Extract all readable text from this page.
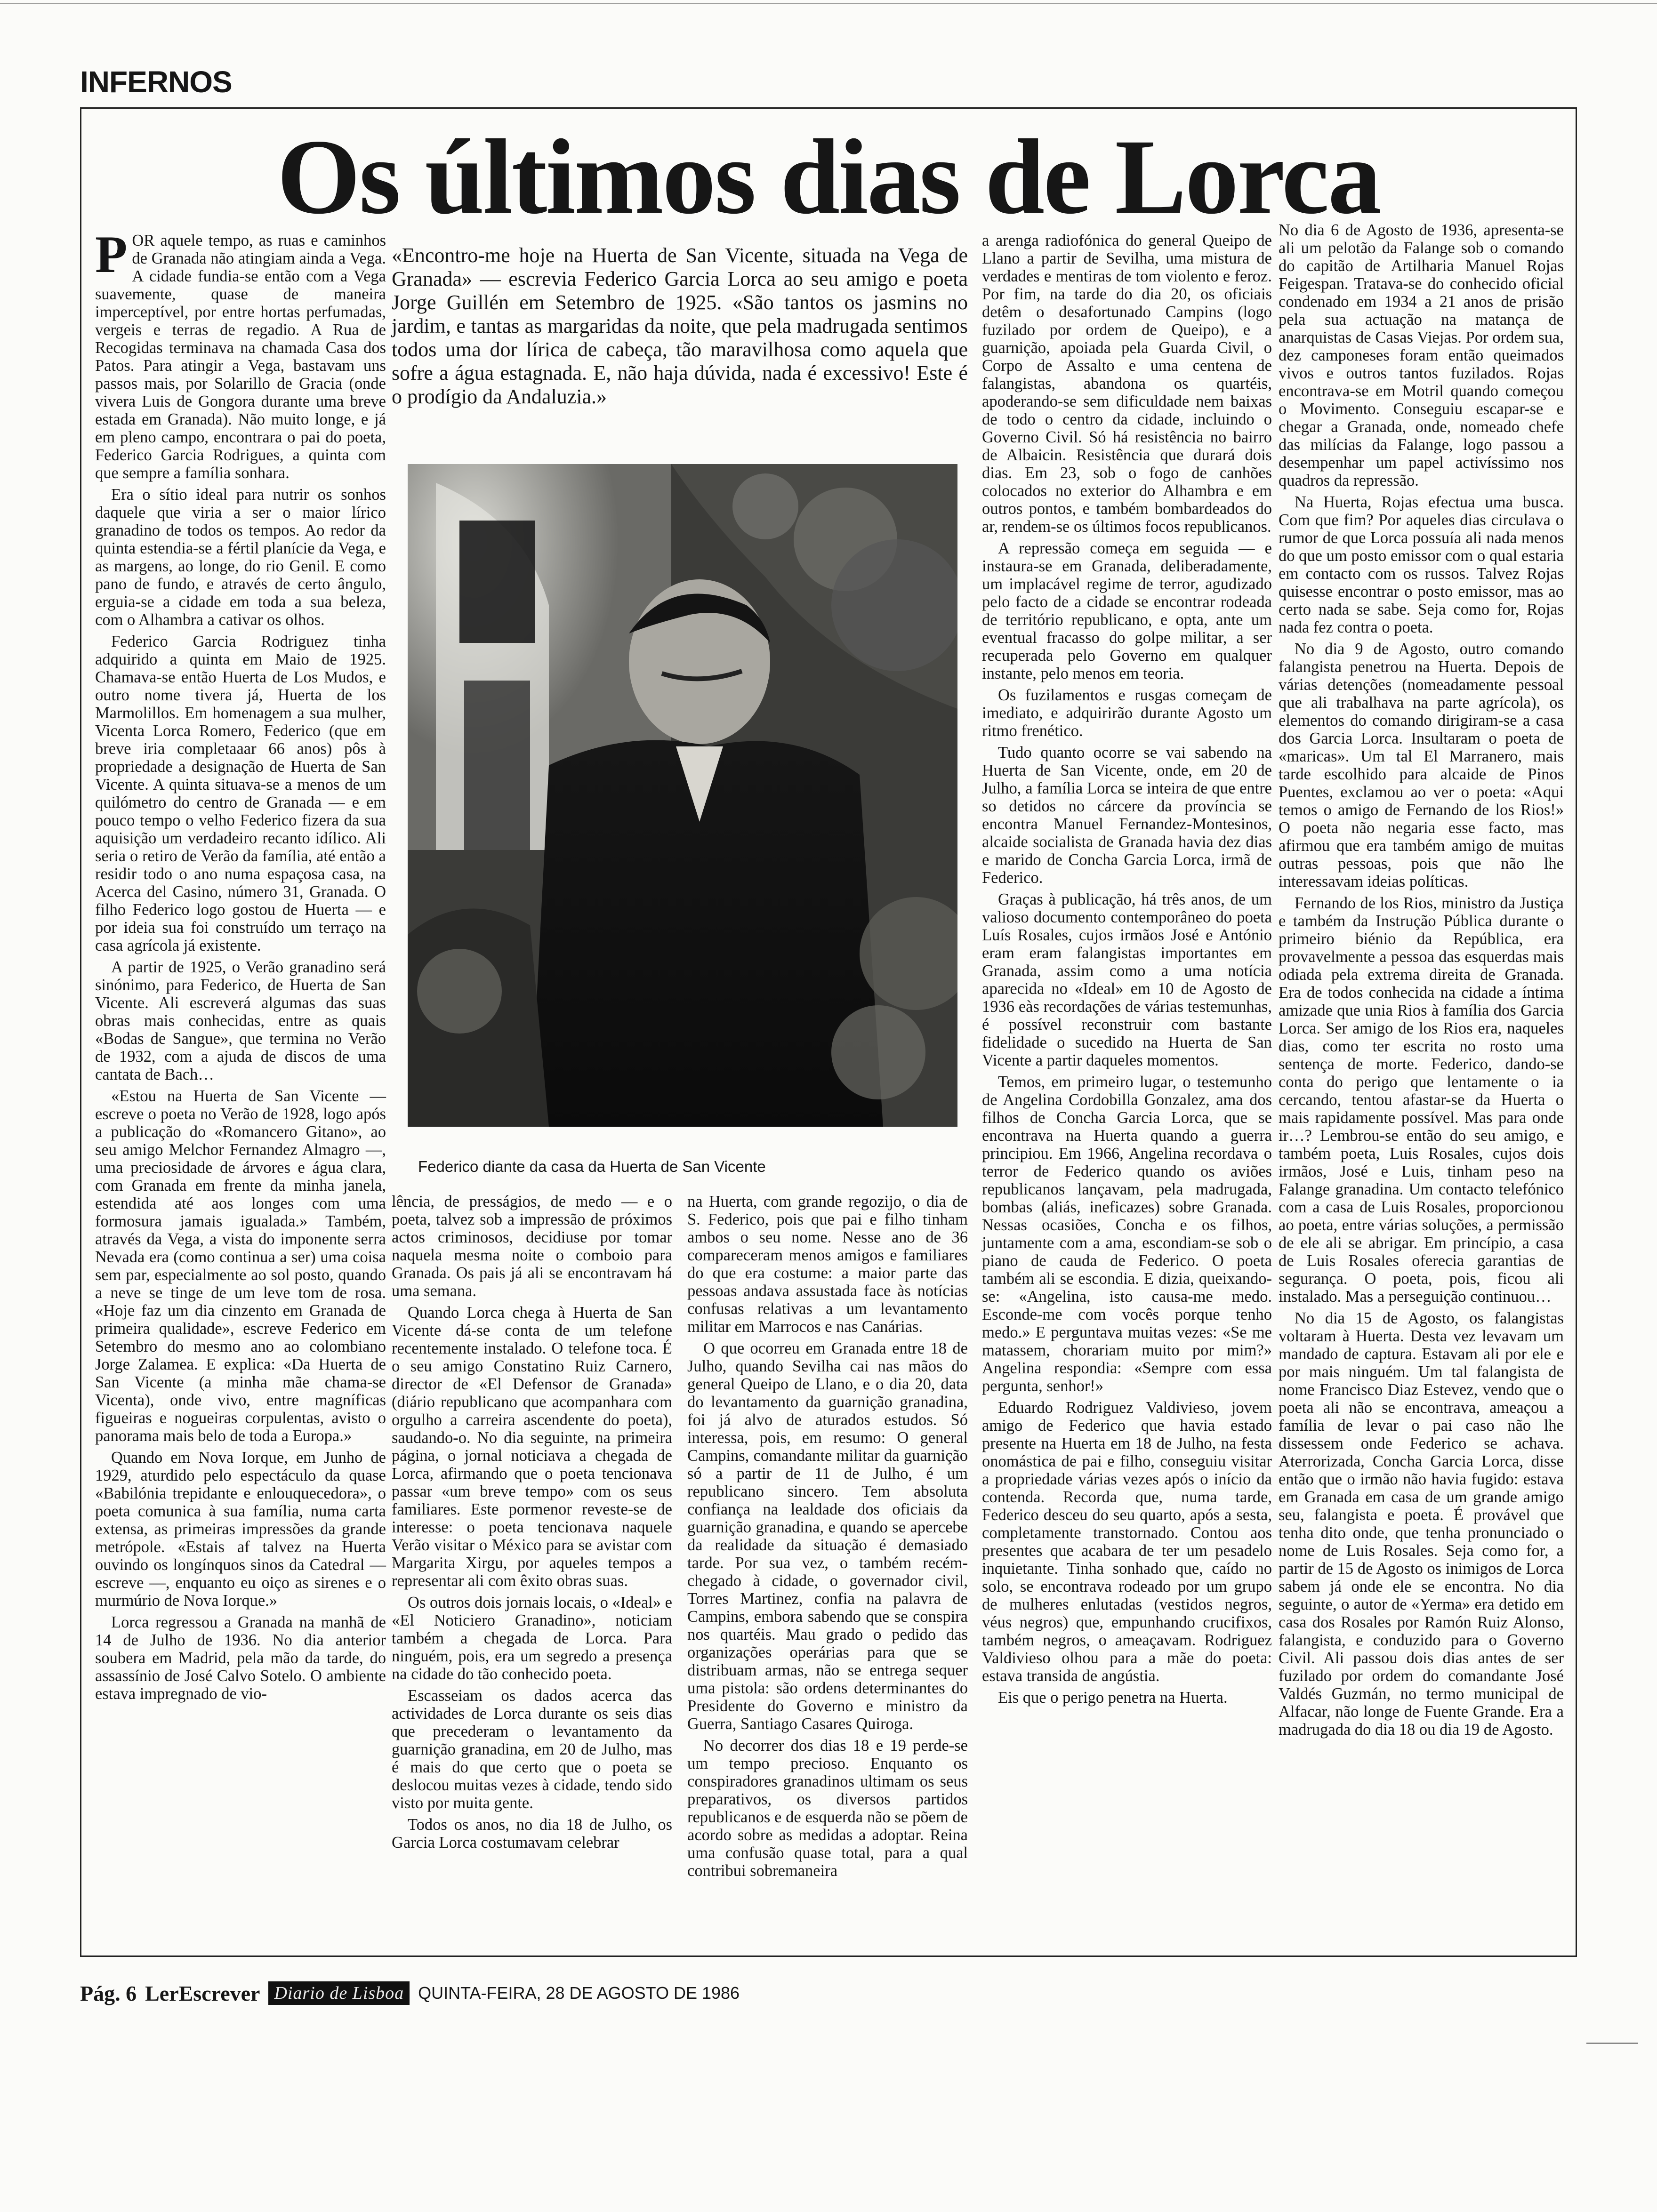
INFERNOS
Os últimos dias de Lorca

POR aquele tempo, as ruas e caminhos de Granada não atingiam ainda a Vega. A cidade fundia-se então com a Vega suavemente, quase de maneira imperceptível, por entre hortas perfumadas, vergeis e terras de regadio. A Rua de Recogidas terminava na chamada Casa dos Patos. Para atingir a Vega, bastavam uns passos mais, por Solarillo de Gracia (onde vivera Luis de Gongora durante uma breve estada em Granada). Não muito longe, e já em pleno campo, encontrara o pai do poeta, Federico Garcia Rodrigues, a quinta com que sempre a família sonhara.

Era o sítio ideal para nutrir os sonhos daquele que viria a ser o maior lírico granadino de todos os tempos. Ao redor da quinta estendia-se a fértil planície da Vega, e as margens, ao longe, do rio Genil. E como pano de fundo, e através de certo ângulo, erguia-se a cidade em toda a sua beleza, com o Alhambra a cativar os olhos.

Federico Garcia Rodriguez tinha adquirido a quinta em Maio de 1925. Chamava-se então Huerta de Los Mudos, e outro nome tivera já, Huerta de los Marmolillos. Em homenagem a sua mulher, Vicenta Lorca Romero, Federico (que em breve iria completaaar 66 anos) pôs à propriedade a designação de Huerta de San Vicente. A quinta situava-se a menos de um quilómetro do centro de Granada — e em pouco tempo o velho Federico fizera da sua aquisição um verdadeiro recanto idílico. Ali seria o retiro de Verão da família, até então a residir todo o ano numa espaçosa casa, na Acerca del Casino, número 31, Granada. O filho Federico logo gostou de Huerta — e por ideia sua foi construído um terraço na casa agrícola já existente.

A partir de 1925, o Verão granadino será sinónimo, para Federico, de Huerta de San Vicente. Ali escreverá algumas das suas obras mais conhecidas, entre as quais «Bodas de Sangue», que termina no Verão de 1932, com a ajuda de discos de uma cantata de Bach…

«Estou na Huerta de San Vicente — escreve o poeta no Verão de 1928, logo após a publicação do «Romancero Gitano», ao seu amigo Melchor Fernandez Almagro —, uma preciosidade de árvores e água clara, com Granada em frente da minha janela, estendida até aos longes com uma formosura jamais igualada.» Também, através da Vega, a vista do imponente serra Nevada era (como continua a ser) uma coisa sem par, especialmente ao sol posto, quando a neve se tinge de um leve tom de rosa. «Hoje faz um dia cinzento em Granada de primeira qualidade», escreve Federico em Setembro do mesmo ano ao colombiano Jorge Zalamea. E explica: «Da Huerta de San Vicente (a minha mãe chama-se Vicenta), onde vivo, entre magníficas figueiras e nogueiras corpulentas, avisto o panorama mais belo de toda a Europa.»

Quando em Nova Iorque, em Junho de 1929, aturdido pelo espectáculo da quase «Babilónia trepidante e enlouquecedora», o poeta comunica à sua família, numa carta extensa, as primeiras impressões da grande metrópole. «Estais af talvez na Huerta ouvindo os longínquos sinos da Catedral — escreve —, enquanto eu oiço as sirenes e o murmúrio de Nova Iorque.»

Lorca regressou a Granada na manhã de 14 de Julho de 1936. No dia anterior soubera em Madrid, pela mão da tarde, do assassínio de José Calvo Sotelo. O ambiente estava impregnado de vio-

«Encontro-me hoje na Huerta de San Vicente, situada na Vega de Granada» — escrevia Federico Garcia Lorca ao seu amigo e poeta Jorge Guillén em Setembro de 1925. «São tantos os jasmins no jardim, e tantas as margaridas da noite, que pela madrugada sentimos todos uma dor lírica de cabeça, tão maravilhosa como aquela que sofre a água estagnada. E, não haja dúvida, nada é excessivo! Este é o prodígio da Andaluzia.»
Federico diante da casa da Huerta de San Vicente

lência, de presságios, de medo — e o poeta, talvez sob a impressão de próximos actos criminosos, decidiuse por tomar naquela mesma noite o comboio para Granada. Os pais já ali se encontravam há uma semana.

Quando Lorca chega à Huerta de San Vicente dá-se conta de um telefone recentemente instalado. O telefone toca. É o seu amigo Constatino Ruiz Carnero, director de «El Defensor de Granada» (diário republicano que acompanhara com orgulho a carreira ascendente do poeta), saudando-o. No dia seguinte, na primeira página, o jornal noticiava a chegada de Lorca, afirmando que o poeta tencionava passar «um breve tempo» com os seus familiares. Este pormenor reveste-se de interesse: o poeta tencionava naquele Verão visitar o México para se avistar com Margarita Xirgu, por aqueles tempos a representar ali com êxito obras suas.

Os outros dois jornais locais, o «Ideal» e «El Noticiero Granadino», noticiam também a chegada de Lorca. Para ninguém, pois, era um segredo a presença na cidade do tão conhecido poeta.

Escasseiam os dados acerca das actividades de Lorca durante os seis dias que precederam o levantamento da guarnição granadina, em 20 de Julho, mas é mais do que certo que o poeta se deslocou muitas vezes à cidade, tendo sido visto por muita gente.

Todos os anos, no dia 18 de Julho, os Garcia Lorca costumavam celebrar

na Huerta, com grande regozijo, o dia de S. Federico, pois que pai e filho tinham ambos o seu nome. Nesse ano de 36 compareceram menos amigos e familiares do que era costume: a maior parte das pessoas andava assustada face às notícias confusas relativas a um levantamento militar em Marrocos e nas Canárias.

O que ocorreu em Granada entre 18 de Julho, quando Sevilha cai nas mãos do general Queipo de Llano, e o dia 20, data do levantamento da guarnição granadina, foi já alvo de aturados estudos. Só interessa, pois, em resumo: O general Campins, comandante militar da guarnição só a partir de 11 de Julho, é um republicano sincero. Tem absoluta confiança na lealdade dos oficiais da guarnição granadina, e quando se apercebe da realidade da situação é demasiado tarde. Por sua vez, o também recém-chegado à cidade, o governador civil, Torres Martinez, confia na palavra de Campins, embora sabendo que se conspira nos quartéis. Mau grado o pedido das organizações operárias para que se distribuam armas, não se entrega sequer uma pistola: são ordens determinantes do Presidente do Governo e ministro da Guerra, Santiago Casares Quiroga.

No decorrer dos dias 18 e 19 perde-se um tempo precioso. Enquanto os conspiradores granadinos ultimam os seus preparativos, os diversos partidos republicanos e de esquerda não se põem de acordo sobre as medidas a adoptar. Reina uma confusão quase total, para a qual contribui sobremaneira

a arenga radiofónica do general Queipo de Llano a partir de Sevilha, uma mistura de verdades e mentiras de tom violento e feroz. Por fim, na tarde do dia 20, os oficiais detêm o desafortunado Campins (logo fuzilado por ordem de Queipo), e a guarnição, apoiada pela Guarda Civil, o Corpo de Assalto e uma centena de falangistas, abandona os quartéis, apoderando-se sem dificuldade nem baixas de todo o centro da cidade, incluindo o Governo Civil. Só há resistência no bairro de Albaicin. Resistência que durará dois dias. Em 23, sob o fogo de canhões colocados no exterior do Alhambra e em outros pontos, e também bombardeados do ar, rendem-se os últimos focos republicanos.

A repressão começa em seguida — e instaura-se em Granada, deliberadamente, um implacável regime de terror, agudizado pelo facto de a cidade se encontrar rodeada de território republicano, e opta, ante um eventual fracasso do golpe militar, a ser recuperada pelo Governo em qualquer instante, pelo menos em teoria.

Os fuzilamentos e rusgas começam de imediato, e adquirirão durante Agosto um ritmo frenético.

Tudo quanto ocorre se vai sabendo na Huerta de San Vicente, onde, em 20 de Julho, a família Lorca se inteira de que entre so detidos no cárcere da província se encontra Manuel Fernandez-Montesinos, alcaide socialista de Granada havia dez dias e marido de Concha Garcia Lorca, irmã de Federico.

Graças à publicação, há três anos, de um valioso documento contemporâneo do poeta Luís Rosales, cujos irmãos José e António eram eram falangistas importantes em Granada, assim como a uma notícia aparecida no «Ideal» em 10 de Agosto de 1936 eàs recordações de várias testemunhas, é possível reconstruir com bastante fidelidade o sucedido na Huerta de San Vicente a partir daqueles momentos.

Temos, em primeiro lugar, o testemunho de Angelina Cordobilla Gonzalez, ama dos filhos de Concha Garcia Lorca, que se encontrava na Huerta quando a guerra principiou. Em 1966, Angelina recordava o terror de Federico quando os aviões republicanos lançavam, pela madrugada, bombas (aliás, ineficazes) sobre Granada. Nessas ocasiões, Concha e os filhos, juntamente com a ama, escondiam-se sob o piano de cauda de Federico. O poeta também ali se escondia. E dizia, queixando-se: «Angelina, isto causa-me medo. Esconde-me com vocês porque tenho medo.» E perguntava muitas vezes: «Se me matassem, chorariam muito por mim?» Angelina respondia: «Sempre com essa pergunta, senhor!»

Eduardo Rodriguez Valdivieso, jovem amigo de Federico que havia estado presente na Huerta em 18 de Julho, na festa onomástica de pai e filho, conseguiu visitar a propriedade várias vezes após o início da contenda. Recorda que, numa tarde, Federico desceu do seu quarto, após a sesta, completamente transtornado. Contou aos presentes que acabara de ter um pesadelo inquietante. Tinha sonhado que, caído no solo, se encontrava rodeado por um grupo de mulheres enlutadas (vestidos negros, véus negros) que, empunhando crucifixos, também negros, o ameaçavam. Rodriguez Valdivieso olhou para a mãe do poeta: estava transida de angústia.

Eis que o perigo penetra na Huerta.

No dia 6 de Agosto de 1936, apresenta-se ali um pelotão da Falange sob o comando do capitão de Artilharia Manuel Rojas Feigespan. Tratava-se do conhecido oficial condenado em 1934 a 21 anos de prisão pela sua actuação na matança de anarquistas de Casas Viejas. Por ordem sua, dez camponeses foram então queimados vivos e outros tantos fuzilados. Rojas encontrava-se em Motril quando começou o Movimento. Conseguiu escapar-se e chegar a Granada, onde, nomeado chefe das milícias da Falange, logo passou a desempenhar um papel activíssimo nos quadros da repressão.

Na Huerta, Rojas efectua uma busca. Com que fim? Por aqueles dias circulava o rumor de que Lorca possuía ali nada menos do que um posto emissor com o qual estaria em contacto com os russos. Talvez Rojas quisesse encontrar o posto emissor, mas ao certo nada se sabe. Seja como for, Rojas nada fez contra o poeta.

No dia 9 de Agosto, outro comando falangista penetrou na Huerta. Depois de várias detenções (nomeadamente pessoal que ali trabalhava na parte agrícola), os elementos do comando dirigiram-se a casa dos Garcia Lorca. Insultaram o poeta de «maricas». Um tal El Marranero, mais tarde escolhido para alcaide de Pinos Puentes, exclamou ao ver o poeta: «Aqui temos o amigo de Fernando de los Rios!» O poeta não negaria esse facto, mas afirmou que era também amigo de muitas outras pessoas, pois que não lhe interessavam ideias políticas.

Fernando de los Rios, ministro da Justiça e também da Instrução Pública durante o primeiro biénio da República, era provavelmente a pessoa das esquerdas mais odiada pela extrema direita de Granada. Era de todos conhecida na cidade a íntima amizade que unia Rios à família dos Garcia Lorca. Ser amigo de los Rios era, naqueles dias, como ter escrita no rosto uma sentença de morte. Federico, dando-se conta do perigo que lentamente o ia cercando, tentou afastar-se da Huerta o mais rapidamente possível. Mas para onde ir…? Lembrou-se então do seu amigo, e também poeta, Luis Rosales, cujos dois irmãos, José e Luis, tinham peso na Falange granadina. Um contacto telefónico com a casa de Luis Rosales, proporcionou ao poeta, entre várias soluções, a permissão de ele ali se abrigar. Em princípio, a casa de Luis Rosales oferecia garantias de segurança. O poeta, pois, ficou ali instalado. Mas a perseguição continuou…

No dia 15 de Agosto, os falangistas voltaram à Huerta. Desta vez levavam um mandado de captura. Estavam ali por ele e por mais ninguém. Um tal falangista de nome Francisco Diaz Estevez, vendo que o poeta ali não se encontrava, ameaçou a família de levar o pai caso não lhe dissessem onde Federico se achava. Aterrorizada, Concha Garcia Lorca, disse então que o irmão não havia fugido: estava em Granada em casa de um grande amigo seu, falangista e poeta. É provável que tenha dito onde, que tenha pronunciado o nome de Luis Rosales. Seja como for, a partir de 15 de Agosto os inimigos de Lorca sabem já onde ele se encontra. No dia seguinte, o autor de «Yerma» era detido em casa dos Rosales por Ramón Ruiz Alonso, falangista, e conduzido para o Governo Civil. Ali passou dois dias antes de ser fuzilado por ordem do comandante José Valdés Guzmán, no termo municipal de Alfacar, não longe de Fuente Grande. Era a madrugada do dia 18 ou dia 19 de Agosto.

Pág. 6 LerEscrever Diario de Lisboa QUINTA-FEIRA, 28 DE AGOSTO DE 1986
